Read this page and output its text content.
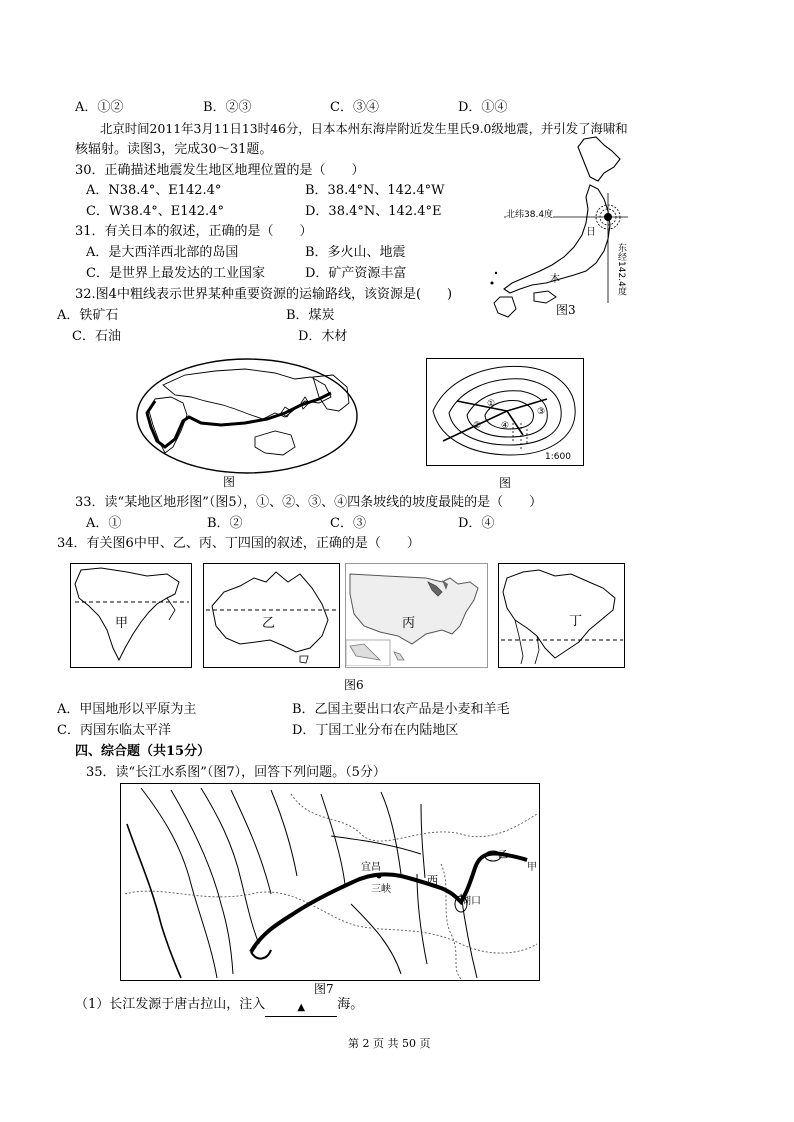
A．①②	B．②③	C．③④	D．①④
北京时间2011年3月11日13时46分，日本本州东海岸附近发生里氏9.0级地震，并引发了海啸和
核辐射。读图3，完成30～31题。
30．正确描述地震发生地区地理位置的是（　　）
A．N38.4°、E142.4°	B．38.4°N、142.4°W
C．W38.4°、E142.4°	D．38.4°N、142.4°E
31．有关日本的叙述，正确的是（　　）
A．是大西洋西北部的岛国	B．多火山、地震
C．是世界上最发达的工业国家	D．矿产资源丰富
32.图4中粗线表示世界某种重要资源的运输路线，该资源是(　　)
A．铁矿石	B．煤炭
C．石油	D．木材
北纬38.4度
东经142.4度
日
本
图3
图
①
②
③
④
1:600
图
33．读“某地区地形图”（图5），①、②、③、④四条坡线的坡度最陡的是（　　）
A．①	B．②	C．③	D．④
34．有关图6中甲、乙、丙、丁四国的叙述，正确的是（　　）
甲	乙	丙	丁
图6
A．甲国地形以平原为主	B．乙国主要出口农产品是小麦和羊毛
C．丙国东临太平洋	D．丁国工业分布在内陆地区
四、综合题（共15分）
35．读“长江水系图”（图7），回答下列问题。（5分）
宜昌
三峡
西
湖口
乙
甲
图7
（1）长江发源于唐古拉山，注入	▲ 海。
第 2 页 共 50 页
